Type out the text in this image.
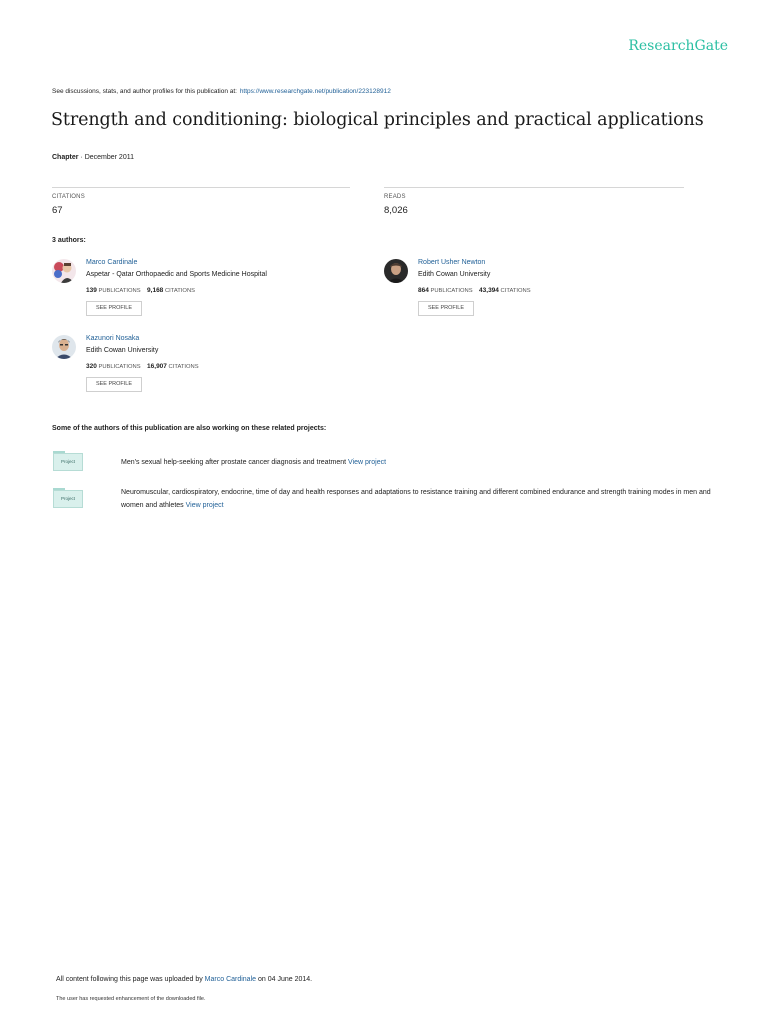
ResearchGate
See discussions, stats, and author profiles for this publication at: https://www.researchgate.net/publication/223128912
Strength and conditioning: biological principles and practical applications
Chapter · December 2011
CITATIONS
67
READS
8,026
3 authors:
Marco Cardinale
Aspetar - Qatar Orthopaedic and Sports Medicine Hospital
139 PUBLICATIONS 9,168 CITATIONS
SEE PROFILE
Robert Usher Newton
Edith Cowan University
864 PUBLICATIONS 43,394 CITATIONS
SEE PROFILE
Kazunori Nosaka
Edith Cowan University
320 PUBLICATIONS 16,907 CITATIONS
SEE PROFILE
Some of the authors of this publication are also working on these related projects:
Project	Men's sexual help-seeking after prostate cancer diagnosis and treatment View project
Project
Neuromuscular, cardiospiratory, endocrine, time of day and health responses and adaptations to resistance training and different combined endurance and strength training modes in men and women and athletes View project
All content following this page was uploaded by Marco Cardinale on 04 June 2014.
The user has requested enhancement of the downloaded file.
